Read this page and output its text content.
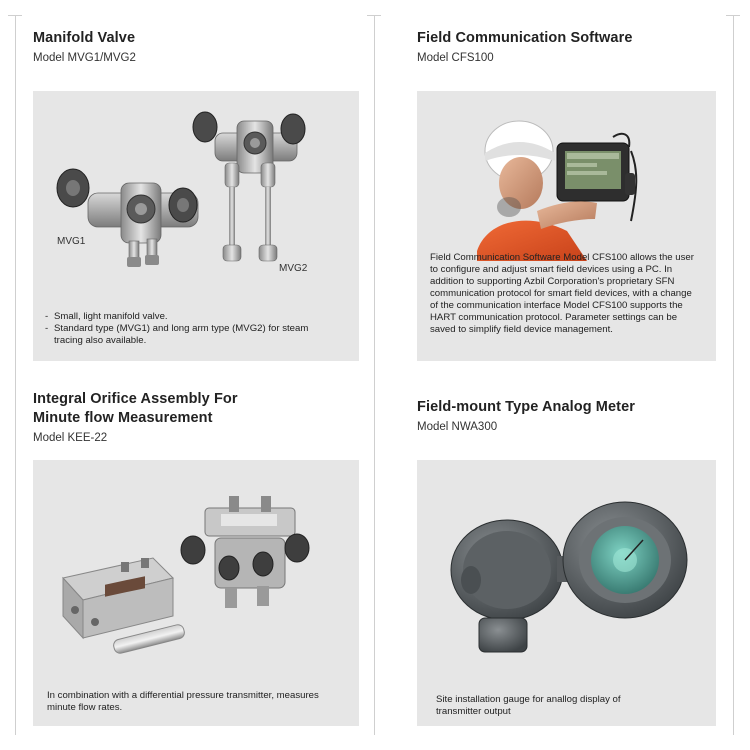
Manifold Valve
Model MVG1/MVG2
MVG1
MVG2
- Small, light manifold valve.
- Standard type (MVG1) and long arm type (MVG2) for steam tracing also available.
Field Communication Software
Model CFS100
Field Communication Software Model CFS100 allows the user to configure and adjust smart field devices using a PC. In addition to supporting Azbil Corporation's proprietary SFN communication protocol for smart field devices, with a change of the communication interface Model CFS100 supports the HART communication protocol. Parameter settings can be saved to simplify field device management.
Integral Orifice Assembly For
Minute flow Measurement
Model KEE-22
In combination with a differential pressure transmitter, measures minute flow rates.
Field-mount Type Analog Meter
Model NWA300
Site installation gauge for anallog display of transmitter output
